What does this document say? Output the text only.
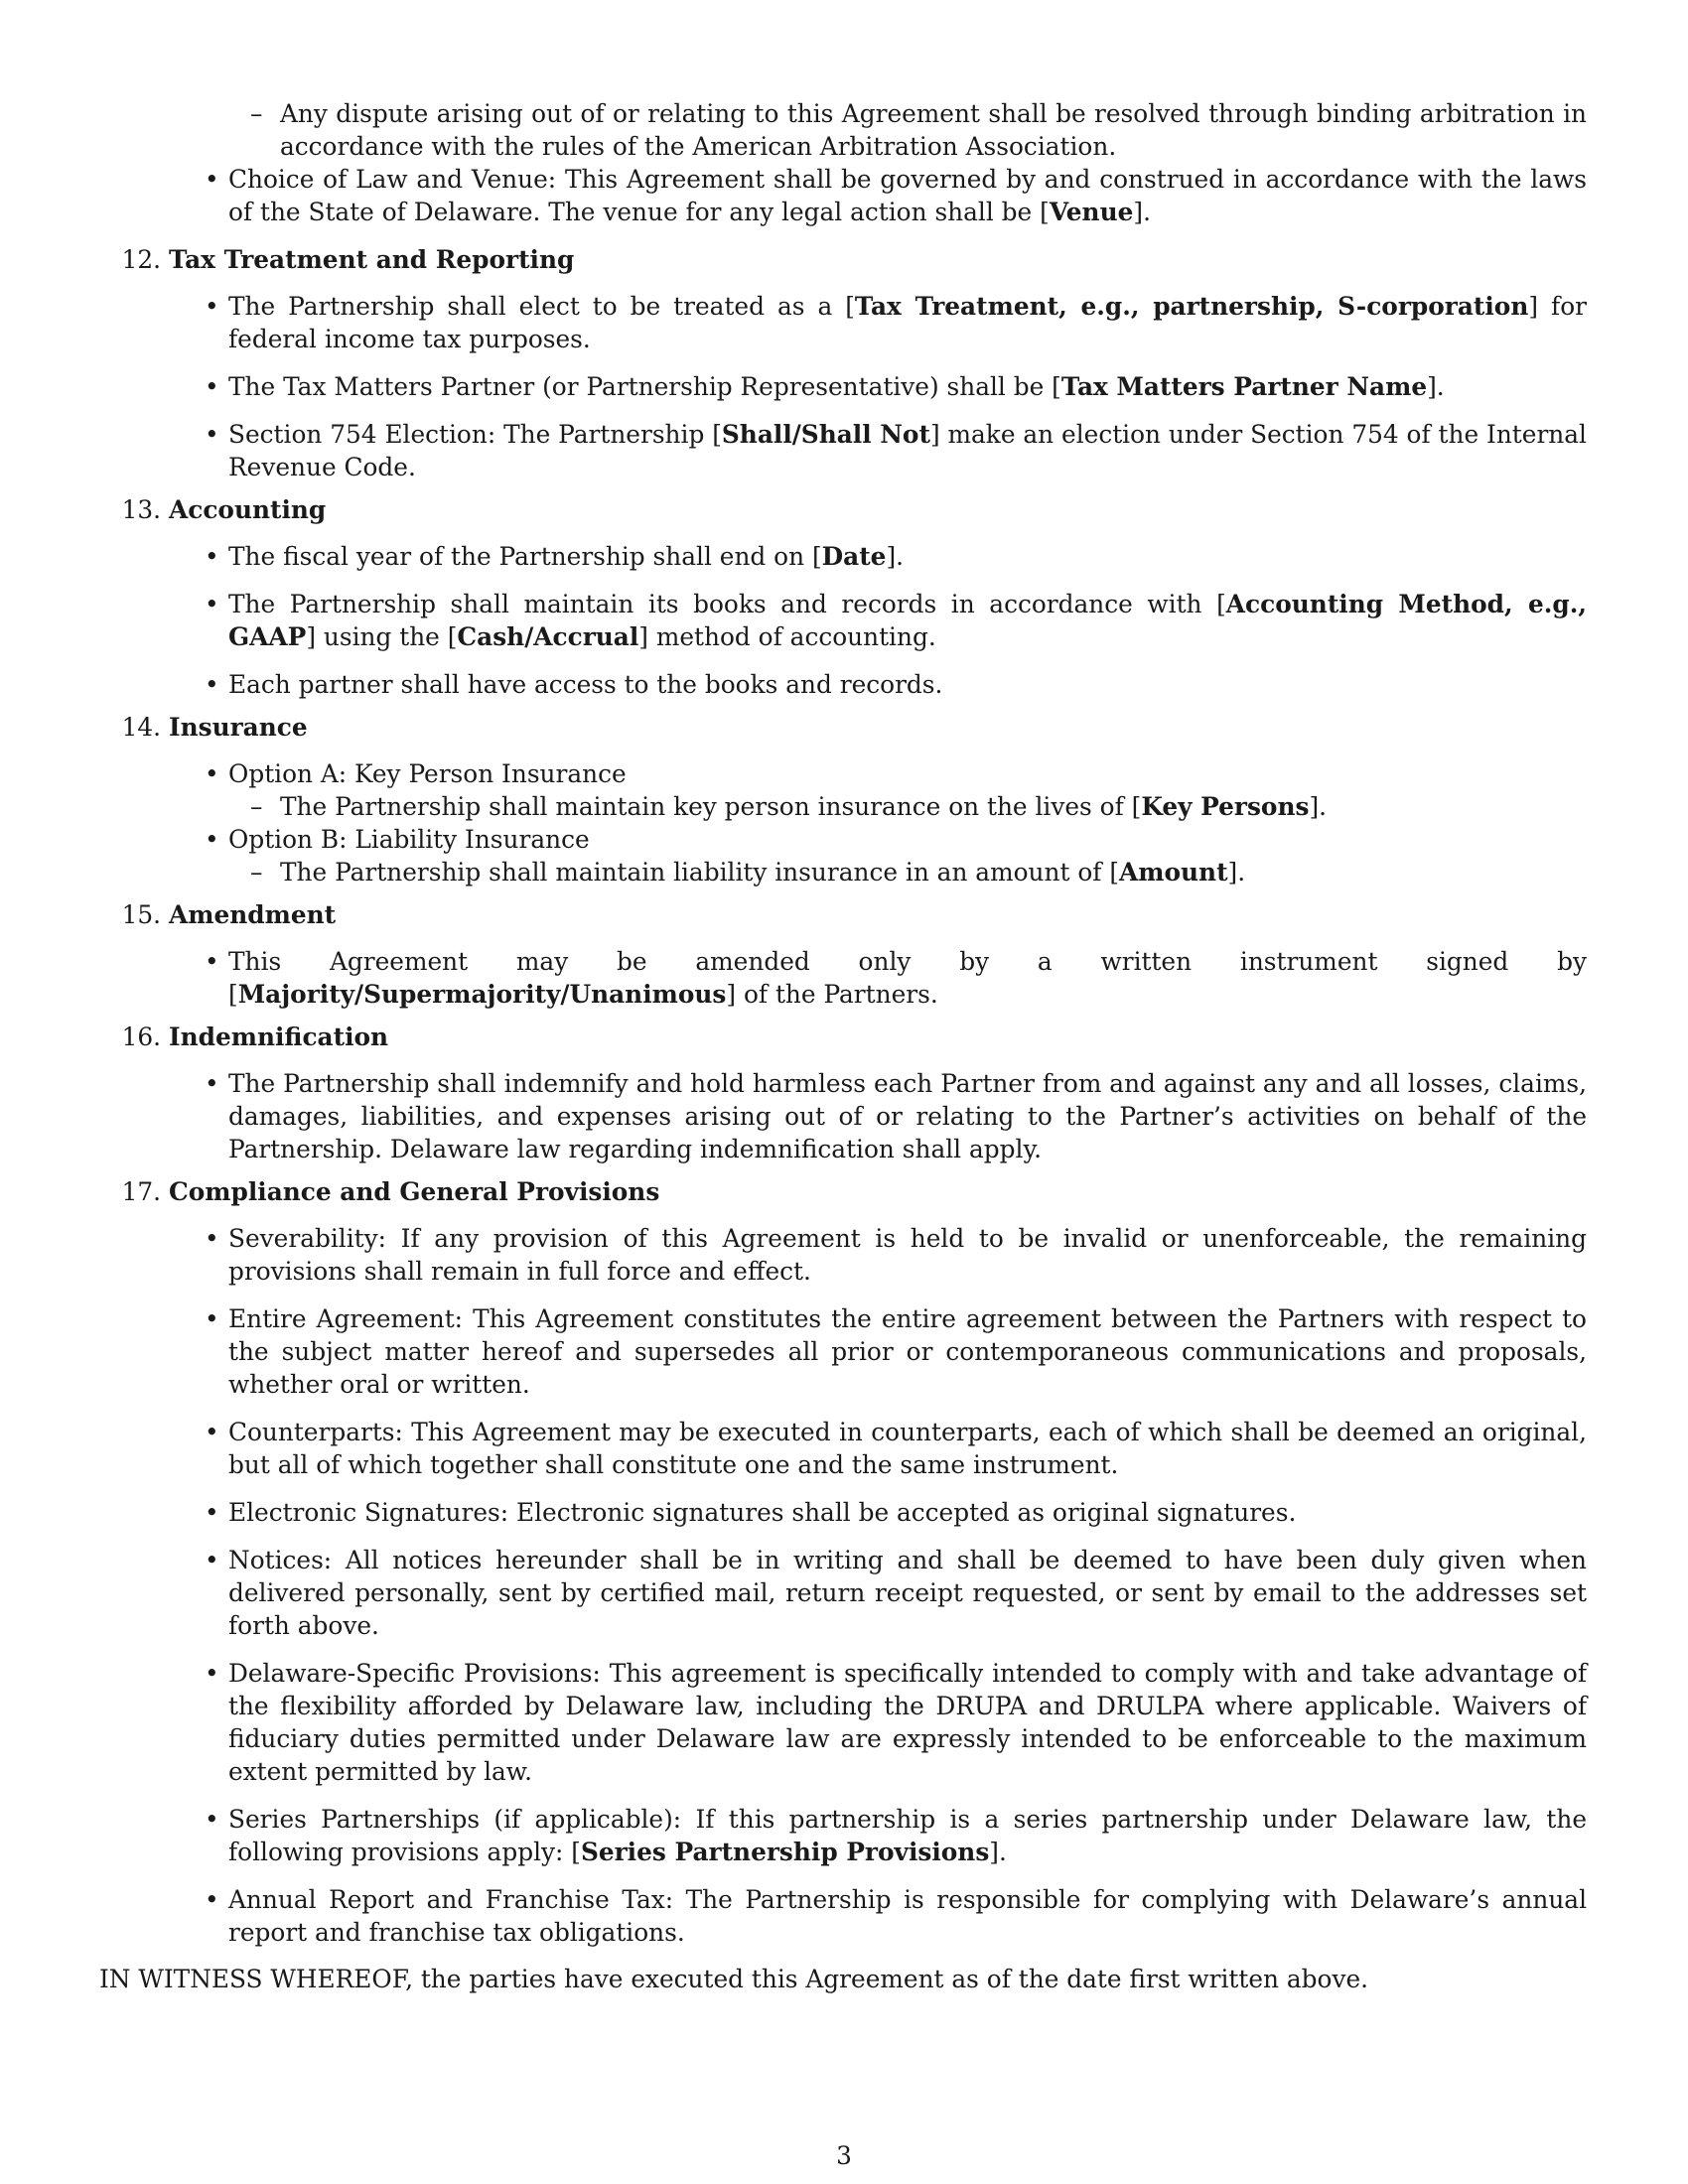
– Any dispute arising out of or relating to this Agreement shall be resolved through binding arbitration in accordance with the rules of the American Arbitration Association.
• Choice of Law and Venue: This Agreement shall be governed by and construed in accordance with the laws of the State of Delaware. The venue for any legal action shall be [Venue].
12. Tax Treatment and Reporting
• The Partnership shall elect to be treated as a [Tax Treatment, e.g., partnership, S-corporation] for federal income tax purposes.
• The Tax Matters Partner (or Partnership Representative) shall be [Tax Matters Partner Name].
• Section 754 Election: The Partnership [Shall/Shall Not] make an election under Section 754 of the Internal Revenue Code.
13. Accounting
• The fiscal year of the Partnership shall end on [Date].
• The Partnership shall maintain its books and records in accordance with [Accounting Method, e.g., GAAP] using the [Cash/Accrual] method of accounting.
• Each partner shall have access to the books and records.
14. Insurance
• Option A: Key Person Insurance
– The Partnership shall maintain key person insurance on the lives of [Key Persons].
• Option B: Liability Insurance
– The Partnership shall maintain liability insurance in an amount of [Amount].
15. Amendment
• This Agreement may be amended only by a written instrument signed by [Majority/Supermajority/Unanimous] of the Partners.
16. Indemnification
• The Partnership shall indemnify and hold harmless each Partner from and against any and all losses, claims, damages, liabilities, and expenses arising out of or relating to the Partner’s activities on behalf of the Partnership. Delaware law regarding indemnification shall apply.
17. Compliance and General Provisions
• Severability: If any provision of this Agreement is held to be invalid or unenforceable, the remaining provisions shall remain in full force and effect.
• Entire Agreement: This Agreement constitutes the entire agreement between the Partners with respect to the subject matter hereof and supersedes all prior or contemporaneous communications and proposals, whether oral or written.
• Counterparts: This Agreement may be executed in counterparts, each of which shall be deemed an original, but all of which together shall constitute one and the same instrument.
• Electronic Signatures: Electronic signatures shall be accepted as original signatures.
• Notices: All notices hereunder shall be in writing and shall be deemed to have been duly given when delivered personally, sent by certified mail, return receipt requested, or sent by email to the addresses set forth above.
• Delaware-Specific Provisions: This agreement is specifically intended to comply with and take advantage of the flexibility afforded by Delaware law, including the DRUPA and DRULPA where applicable. Waivers of fiduciary duties permitted under Delaware law are expressly intended to be enforceable to the maximum extent permitted by law.
• Series Partnerships (if applicable): If this partnership is a series partnership under Delaware law, the following provisions apply: [Series Partnership Provisions].
• Annual Report and Franchise Tax: The Partnership is responsible for complying with Delaware’s annual report and franchise tax obligations.

IN WITNESS WHEREOF, the parties have executed this Agreement as of the date first written above.

3
